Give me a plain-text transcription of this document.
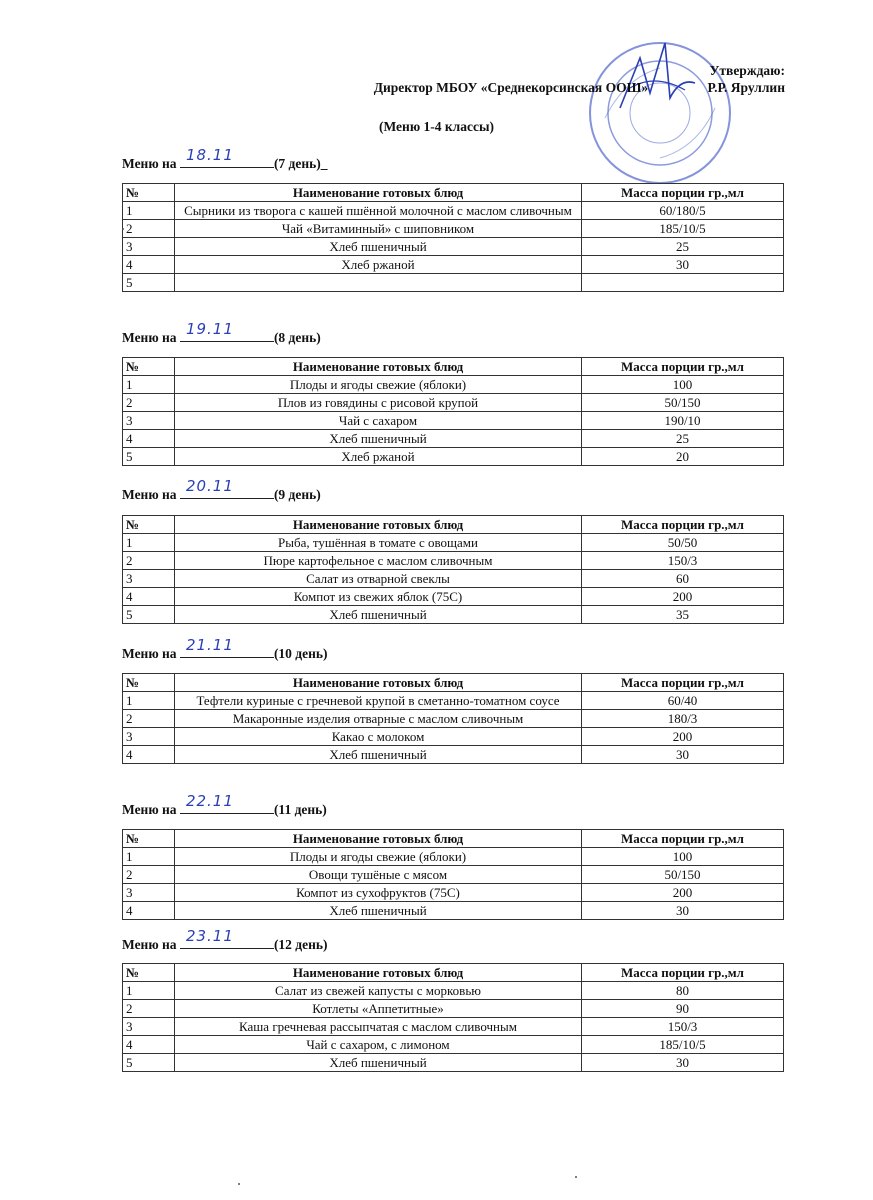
Утверждаю:
Директор МБОУ «Среднекорсинская ООШ»	Р.Р. Яруллин
(Меню 1-4 классы)
Меню на 18.11	(7 день)_
№	Наименование готовых блюд	Масса порции гр.,мл
1	Сырники из творога с кашей пшённой молочной с маслом сливочным	60/180/5
2	Чай «Витаминный» с шиповником	185/10/5
3	Хлеб пшеничный	25
4	Хлеб ржаной	30
5		
Меню на 19.11	(8 день)
№	Наименование готовых блюд	Масса порции гр.,мл
1	Плоды и ягоды свежие (яблоки)	100
2	Плов из говядины с рисовой крупой	50/150
3	Чай с сахаром	190/10
4	Хлеб пшеничный	25
5	Хлеб ржаной	20
Меню на 20.11	(9 день)
№	Наименование готовых блюд	Масса порции гр.,мл
1	Рыба, тушённая в томате с овощами	50/50
2	Пюре картофельное с маслом сливочным	150/3
3	Салат из отварной свеклы	60
4	Компот из свежих яблок (75С)	200
5	Хлеб пшеничный	35
Меню на 21.11	(10 день)
№	Наименование готовых блюд	Масса порции гр.,мл
1	Тефтели куриные с гречневой крупой в сметанно-томатном соусе	60/40
2	Макаронные изделия отварные с маслом сливочным	180/3
3	Какао с молоком	200
4	Хлеб пшеничный	30
Меню на 22.11	(11 день)
№	Наименование готовых блюд	Масса порции гр.,мл
1	Плоды и ягоды свежие (яблоки)	100
2	Овощи тушёные с мясом	50/150
3	Компот из сухофруктов (75С)	200
4	Хлеб пшеничный	30
Меню на 23.11	(12 день)
№	Наименование готовых блюд	Масса порции гр.,мл
1	Салат из свежей капусты с морковью	80
2	Котлеты «Аппетитные»	90
3	Каша гречневая рассыпчатая с маслом сливочным	150/3
4	Чай с сахаром, с лимоном	185/10/5
5	Хлеб пшеничный	30
